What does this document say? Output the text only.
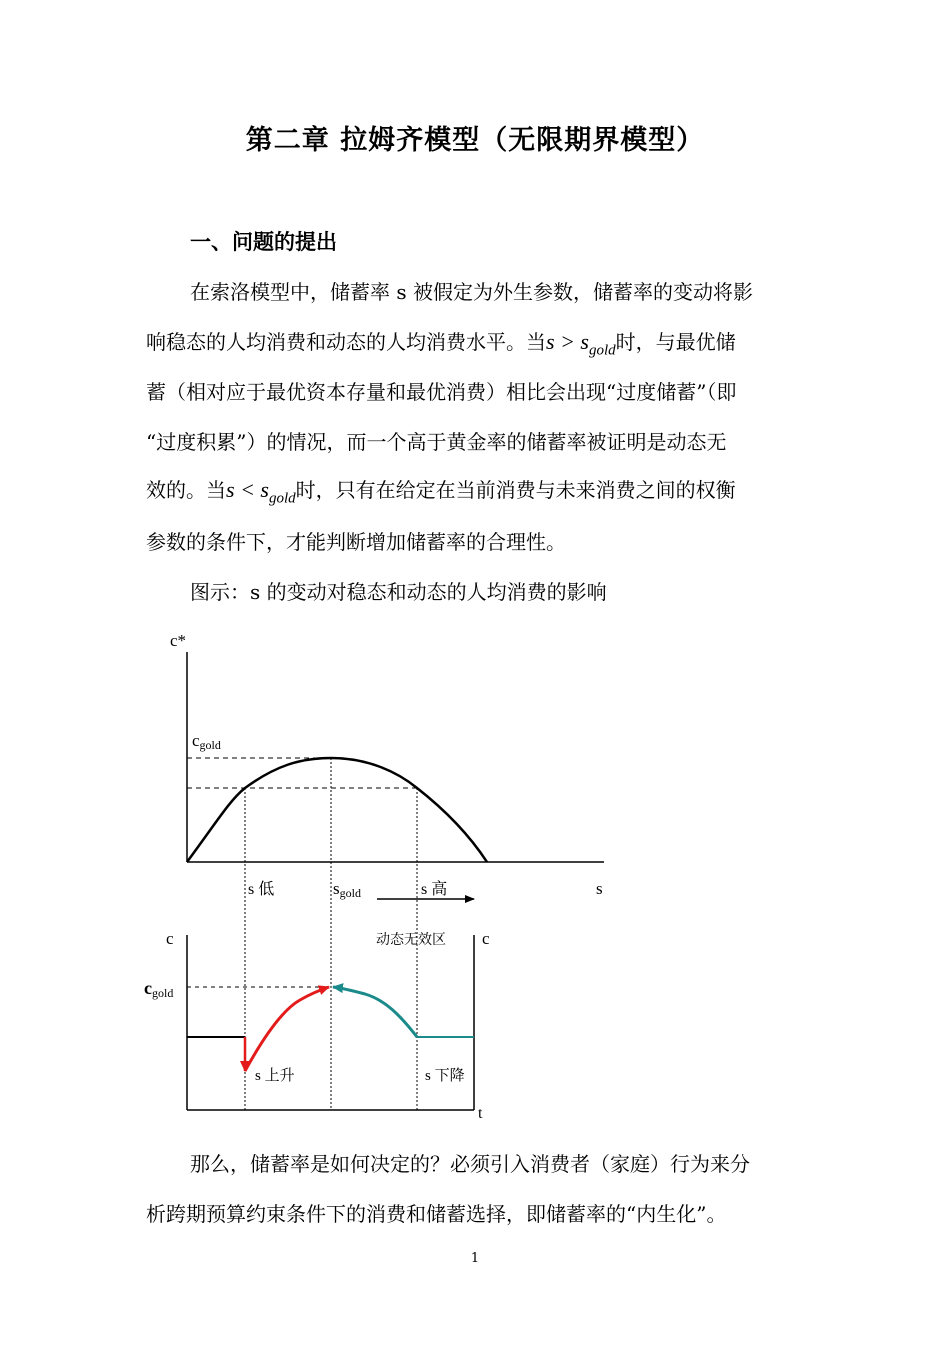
第二章 拉姆齐模型（无限期界模型）
一、问题的提出
在索洛模型中，储蓄率 s 被假定为外生参数，储蓄率的变动将影
响稳态的人均消费和动态的人均消费水平。当$s > s_{gold}$时，与最优储
蓄（相对应于最优资本存量和最优消费）相比会出现“过度储蓄”（即
“过度积累”）的情况，而一个高于黄金率的储蓄率被证明是动态无
效的。当$s < s_{gold}$时，只有在给定在当前消费与未来消费之间的权衡
参数的条件下，才能判断增加储蓄率的合理性。
图示：s 的变动对稳态和动态的人均消费的影响
c*
cgold
s 低	sgold	s 高	s
c	c
动态无效区
t
cgold
s 上升	s 下降
那么，储蓄率是如何决定的？必须引入消费者（家庭）行为来分
析跨期预算约束条件下的消费和储蓄选择，即储蓄率的“内生化”。
1
